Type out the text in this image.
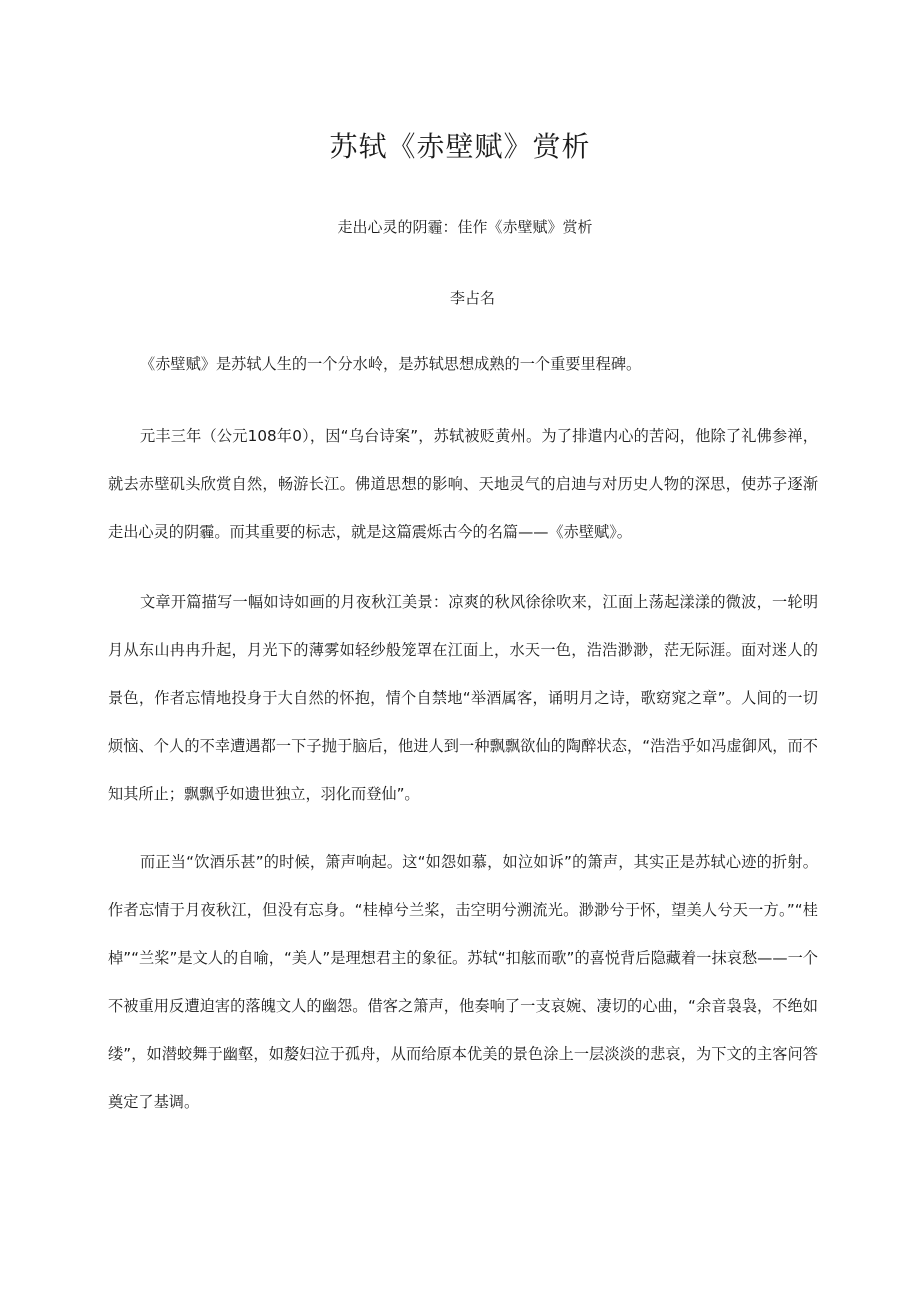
苏轼《赤壁赋》赏析

走出心灵的阴霾：佳作《赤壁赋》赏析

李占名

《赤壁赋》是苏轼人生的一个分水岭，是苏轼思想成熟的一个重要里程碑。

元丰三年（公元108年0），因“乌台诗案”，苏轼被贬黄州。为了排遣内心的苦闷，他除了礼佛参禅，就去赤壁矶头欣赏自然，畅游长江。佛道思想的影响、天地灵气的启迪与对历史人物的深思，使苏子逐渐走出心灵的阴霾。而其重要的标志，就是这篇震烁古今的名篇——《赤壁赋》。

文章开篇描写一幅如诗如画的月夜秋江美景：凉爽的秋风徐徐吹来，江面上荡起漾漾的微波，一轮明月从东山冉冉升起，月光下的薄雾如轻纱般笼罩在江面上，水天一色，浩浩渺渺，茫无际涯。面对迷人的景色，作者忘情地投身于大自然的怀抱，情个自禁地“举酒属客，诵明月之诗，歌窈窕之章”。人间的一切烦恼、个人的不幸遭遇都一下子抛于脑后，他进人到一种飘飘欲仙的陶醉状态，“浩浩乎如冯虚御风，而不知其所止；飘飘乎如遗世独立，羽化而登仙”。

而正当“饮酒乐甚”的时候，箫声响起。这“如怨如慕，如泣如诉”的箫声，其实正是苏轼心迹的折射。作者忘情于月夜秋江，但没有忘身。“桂棹兮兰桨，击空明兮溯流光。渺渺兮于怀，望美人兮天一方。”“桂棹”“兰桨”是文人的自喻，“美人”是理想君主的象征。苏轼“扣舷而歌”的喜悦背后隐藏着一抹哀愁——一个不被重用反遭迫害的落魄文人的幽怨。借客之箫声，他奏响了一支哀婉、凄切的心曲，“余音袅袅，不绝如缕”，如潜蛟舞于幽壑，如嫠妇泣于孤舟，从而给原本优美的景色涂上一层淡淡的悲哀，为下文的主客问答奠定了基调。
